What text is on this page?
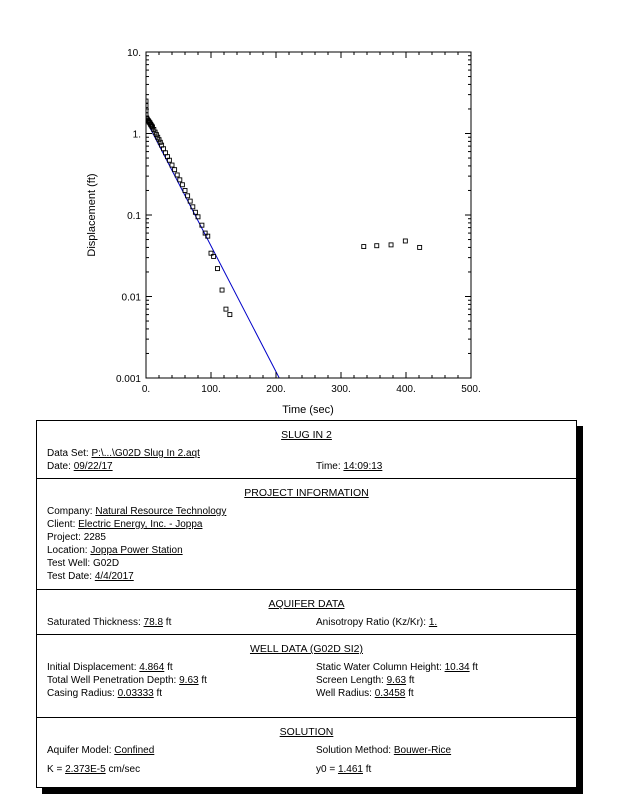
0.	100.	200.	300.	400.	500.
10.
1.
0.1
0.01
0.001
Time (sec)
Displacement (ft)
SLUG IN 2
Data Set: P:\...\G02D Slug In 2.aqt
Date: 09/22/17	Time: 14:09:13
PROJECT INFORMATION
Company: Natural Resource Technology
Client: Electric Energy, Inc. - Joppa
Project: 2285
Location: Joppa Power Station
Test Well: G02D
Test Date: 4/4/2017
AQUIFER DATA
Saturated Thickness: 78.8 ft	Anisotropy Ratio (Kz/Kr): 1.
WELL DATA (G02D SI2)
Initial Displacement: 4.864 ft	Static Water Column Height: 10.34 ft
Total Well Penetration Depth: 9.63 ft	Screen Length: 9.63 ft
Casing Radius: 0.03333 ft	Well Radius: 0.3458 ft
SOLUTION
Aquifer Model: Confined	Solution Method: Bouwer-Rice
K = 2.373E-5 cm/sec	y0 = 1.461 ft
